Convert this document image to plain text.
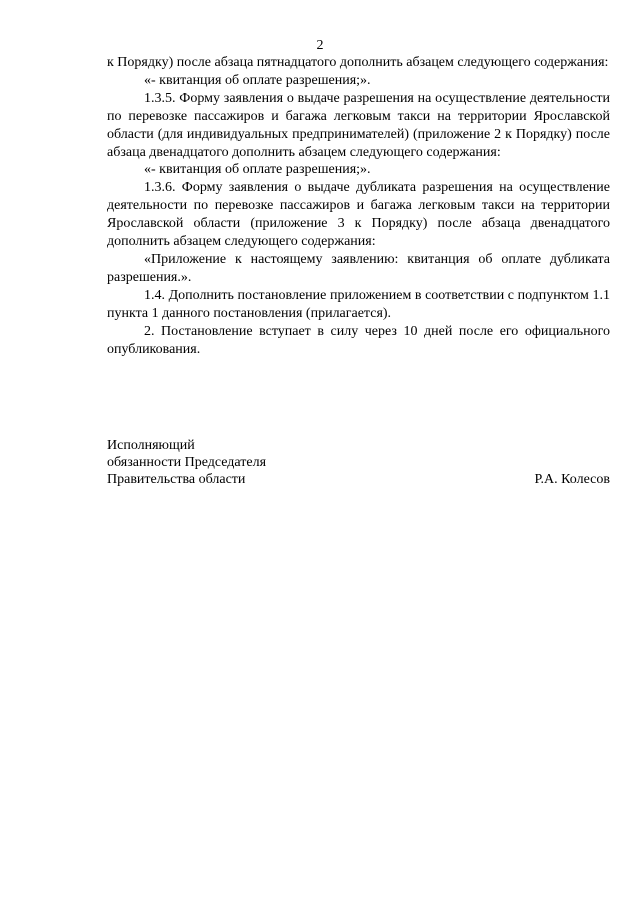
2

к Порядку) после абзаца пятнадцатого дополнить абзацем следующего содержания:

«- квитанция об оплате разрешения;».

1.3.5. Форму заявления о выдаче разрешения на осуществление деятельности по перевозке пассажиров и багажа легковым такси на территории Ярославской области (для индивидуальных предпринимателей) (приложение 2 к Порядку) после абзаца двенадцатого дополнить абзацем следующего содержания:

«- квитанция об оплате разрешения;».

1.3.6. Форму заявления о выдаче дубликата разрешения на осуществление деятельности по перевозке пассажиров и багажа легковым такси на территории Ярославской области (приложение 3 к Порядку) после абзаца двенадцатого дополнить абзацем следующего содержания:

«Приложение к настоящему заявлению: квитанция об оплате дубликата разрешения.».

1.4. Дополнить постановление приложением в соответствии с подпунктом 1.1 пункта 1 данного постановления (прилагается).

2. Постановление вступает в силу через 10 дней после его официального опубликования.

Исполняющий
обязанности Председателя
Правительства области	Р.А. Колесов
